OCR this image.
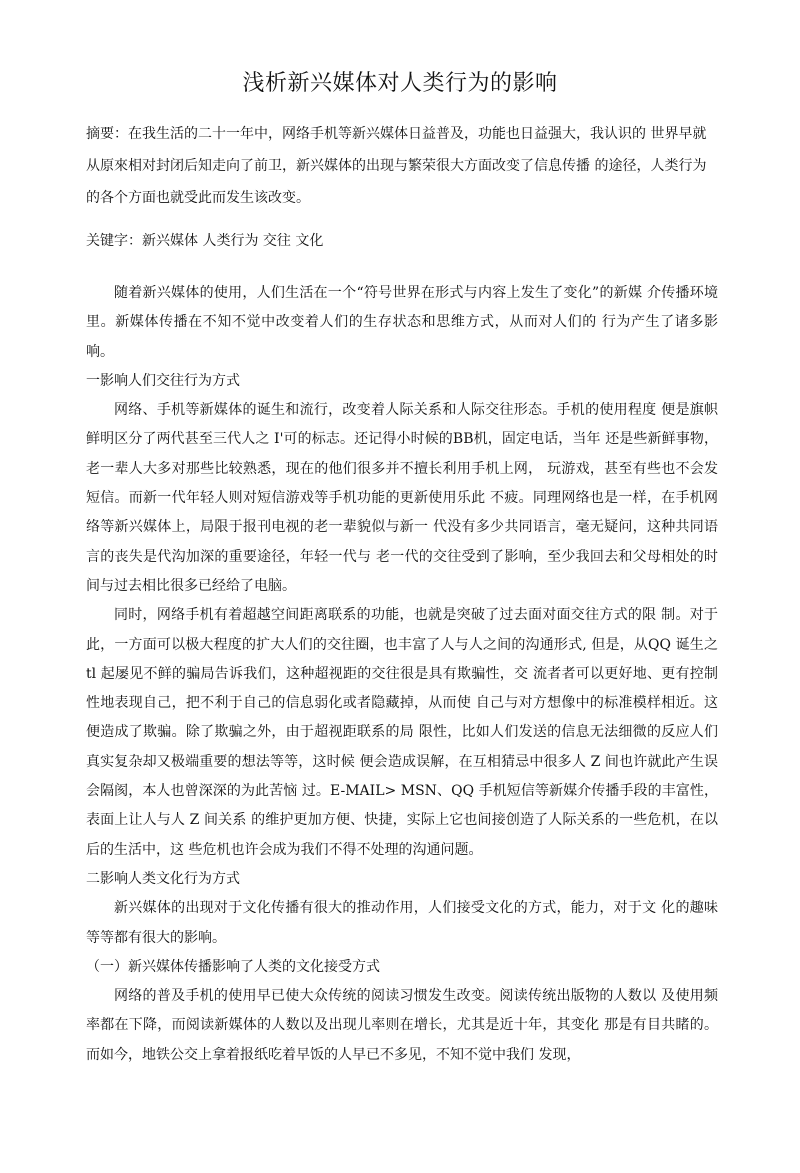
浅析新兴媒体对人类行为的影响

摘要：在我生活的二十一年中，网络手机等新兴媒体日益普及，功能也日益强大，我认识的 世界早就从原來相对封闭后知走向了前卫，新兴媒体的出现与繁荣很大方面改变了信息传播 的途径，人类行为的各个方面也就受此而发生该改变。

关键字：新兴媒体 人类行为 交往 文化

随着新兴媒体的使用，人们生活在一个“符号世界在形式与内容上发生了变化”的新媒 介传播环境里。新媒体传播在不知不觉中改变着人们的生存状态和思维方式，从而对人们的 行为产生了诸多影响。

一影响人们交往行为方式

网络、手机等新媒体的诞生和流行，改变着人际关系和人际交往形态。手机的使用程度 便是旗帜鲜明区分了两代甚至三代人之 I'可的标志。还记得小时候的BB机，固定电话，当年 还是些新鲜事物，老一辈人大多对那些比较熟悉，现在的他们很多并不擅长利用手机上网， 玩游戏，甚至有些也不会发短信。而新一代年轻人则对短信游戏等手机功能的更新使用乐此 不疲。同理网络也是一样，在手机网络等新兴媒体上，局限于报刊电视的老一辈貌似与新一 代没有多少共同语言，毫无疑问，这种共同语言的丧失是代沟加深的重要途径，年轻一代与 老一代的交往受到了影响，至少我回去和父母相处的时间与过去相比很多已经给了电脑。

同时，网络手机有着超越空间距离联系的功能，也就是突破了过去面对面交往方式的限 制。对于此，一方面可以极大程度的扩大人们的交往圈，也丰富了人与人之间的沟通形式, 但是，从QQ 诞生之 tl 起屡见不鲜的骗局告诉我们，这种超视距的交往很是具有欺骗性，交 流者者可以更好地、更有控制性地表现自己，把不利于自己的信息弱化或者隐藏掉，从而使 自己与对方想像中的标准模样相近。这便造成了欺骗。除了欺骗之外，由于超视距联系的局 限性，比如人们发送的信息无法细微的反应人们真实复杂却又极端重要的想法等等，这时候 便会造成误解，在互相猜忌中很多人 Z 间也许就此产生误会隔阂，本人也曾深深的为此苦恼 过。E-MAIL> MSN、QQ 手机短信等新媒介传播手段的丰富性，表面上让人与人 Z 间关系 的维护更加方便、快捷，实际上它也间接创造了人际关系的一些危机，在以后的生活中，这 些危机也许会成为我们不得不处理的沟通问题。

二影响人类文化行为方式

新兴媒体的出现对于文化传播有很大的推动作用，人们接受文化的方式，能力，对于文 化的趣味等等都有很大的影响。

（一）新兴媒体传播影响了人类的文化接受方式

网络的普及手机的使用早已使大众传统的阅读习惯发生改变。阅读传统出版物的人数以 及使用频率都在下降，而阅读新媒体的人数以及出现儿率则在增长，尤其是近十年，其变化 那是有目共睹的。而如今，地铁公交上拿着报纸吃着早饭的人早已不多见，不知不觉中我们 发现，
